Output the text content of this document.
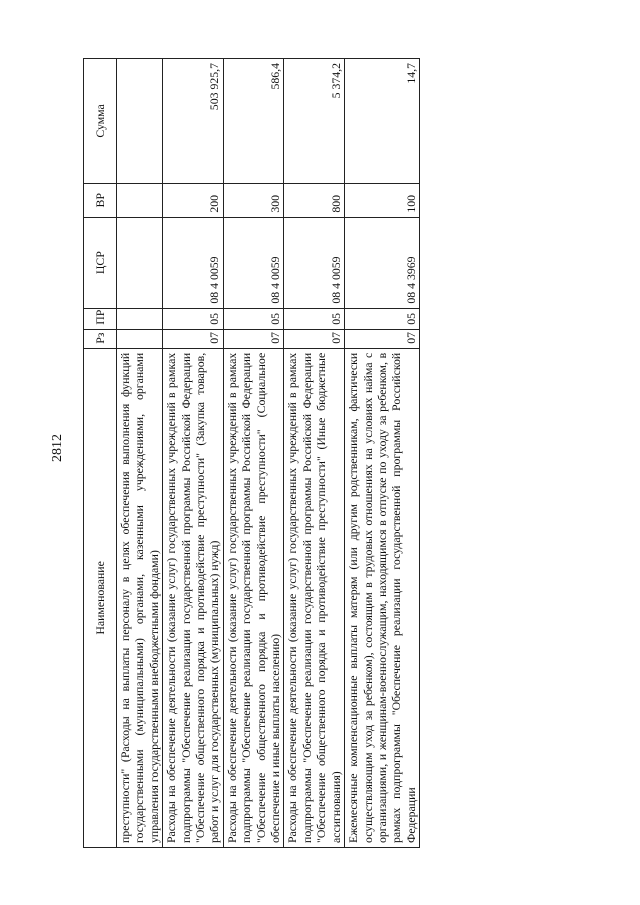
2812
Наименование	Рз	ПР	ЦСР	ВР	Сумма
преступности" (Расходы на выплаты персоналу в целях обеспечения выполнения функций государственными (муниципальными) органами, казенными учреждениями, органами управления государственными внебюджетными фондами)					
Расходы на обеспечение деятельности (оказание услуг) государственных учреждений в рамках подпрограммы "Обеспечение реализации государственной программы Российской Федерации "Обеспечение общественного порядка и противодействие преступности" (Закупка товаров, работ и услуг для государственных (муниципальных) нужд)	07	05	08 4 0059	200	503 925,7
Расходы на обеспечение деятельности (оказание услуг) государственных учреждений в рамках подпрограммы "Обеспечение реализации государственной программы Российской Федерации "Обеспечение общественного порядка и противодействие преступности" (Социальное обеспечение и иные выплаты населению)	07	05	08 4 0059	300	586,4
Расходы на обеспечение деятельности (оказание услуг) государственных учреждений в рамках подпрограммы "Обеспечение реализации государственной программы Российской Федерации "Обеспечение общественного порядка и противодействие преступности" (Иные бюджетные ассигнования)	07	05	08 4 0059	800	5 374,2
Ежемесячные компенсационные выплаты матерям (или другим родственникам, фактически осуществляющим уход за ребенком), состоящим в трудовых отношениях на условиях найма с организациями, и женщинам-военнослужащим, находящимся в отпуске по уходу за ребенком, в рамках подпрограммы "Обеспечение реализации государственной программы Российской Федерации	07	05	08 4 3969	100	14,7
